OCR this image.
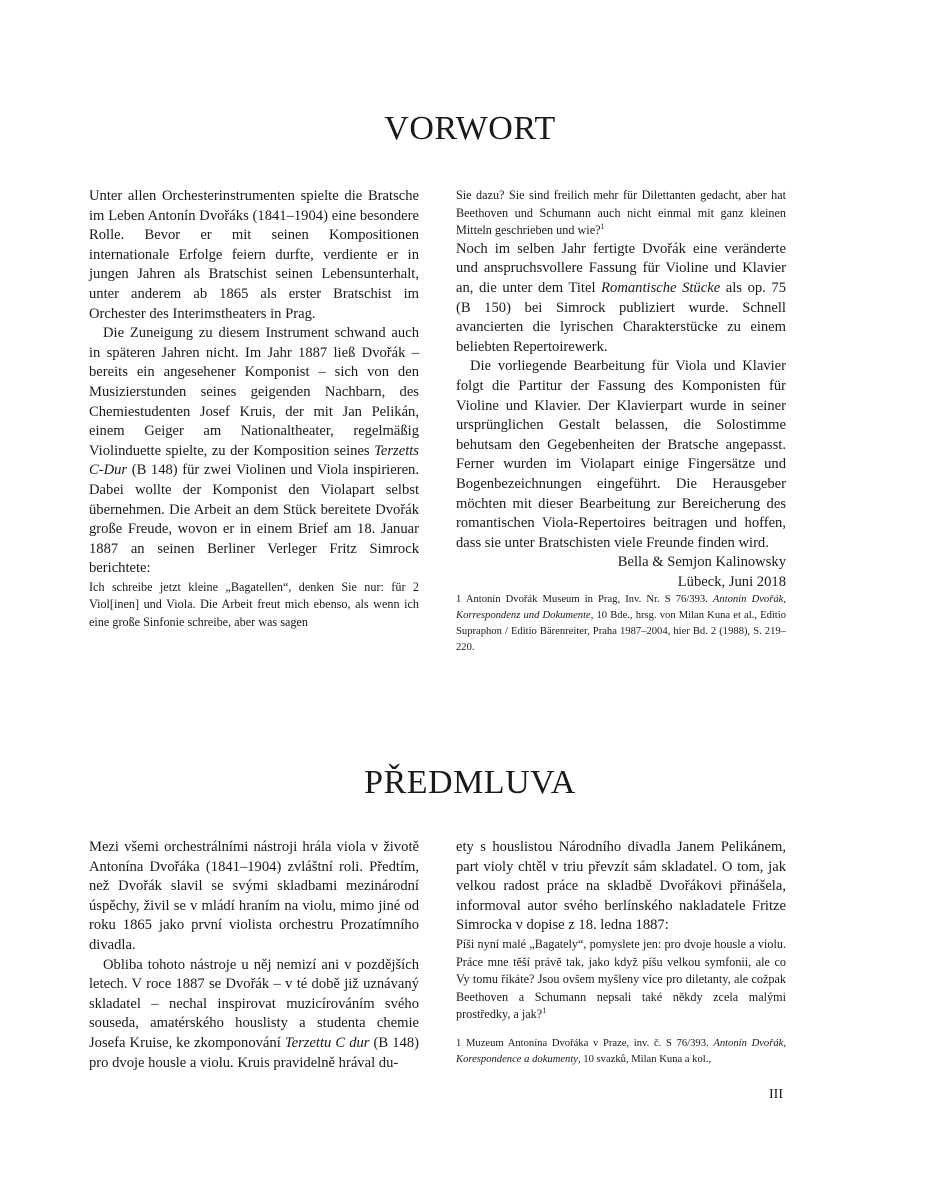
VORWORT

Unter allen Orchesterinstrumenten spielte die Bratsche im Leben Antonín Dvořáks (1841–1904) eine besondere Rolle. Bevor er mit seinen Kompositionen internationale Erfolge feiern durfte, verdiente er in jungen Jahren als Bratschist seinen Lebensunterhalt, unter anderem ab 1865 als erster Bratschist im Orchester des Interimstheaters in Prag.

Die Zuneigung zu diesem Instrument schwand auch in späteren Jahren nicht. Im Jahr 1887 ließ Dvořák – bereits ein angesehener Komponist – sich von den Musizierstunden seines geigenden Nachbarn, des Chemiestudenten Josef Kruis, der mit Jan Pelikán, einem Geiger am Nationaltheater, regelmäßig Violinduette spielte, zu der Komposition seines Terzetts C-Dur (B 148) für zwei Violinen und Viola inspirieren. Dabei wollte der Komponist den Violapart selbst übernehmen. Die Arbeit an dem Stück bereitete Dvořák große Freude, wovon er in einem Brief am 18. Januar 1887 an seinen Berliner Verleger Fritz Simrock berichtete:

Ich schreibe jetzt kleine „Bagatellen“, denken Sie nur: für 2 Viol[inen] und Viola. Die Arbeit freut mich ebenso, als wenn ich eine große Sinfonie schreibe, aber was sagen

Sie dazu? Sie sind freilich mehr für Dilettanten gedacht, aber hat Beethoven und Schumann auch nicht einmal mit ganz kleinen Mitteln geschrieben und wie?$^1$

Noch im selben Jahr fertigte Dvořák eine veränderte und anspruchsvollere Fassung für Violine und Klavier an, die unter dem Titel Romantische Stücke als op. 75 (B 150) bei Simrock publiziert wurde. Schnell avancierten die lyrischen Charakterstücke zu einem beliebten Repertoirewerk.

Die vorliegende Bearbeitung für Viola und Klavier folgt die Partitur der Fassung des Komponisten für Violine und Klavier. Der Klavierpart wurde in seiner ursprünglichen Gestalt belassen, die Solostimme behutsam den Gegebenheiten der Bratsche angepasst. Ferner wurden im Violapart einige Fingersätze und Bogenbezeichnungen eingeführt. Die Herausgeber möchten mit dieser Bearbeitung zur Bereicherung des romantischen Viola-Repertoires beitragen und hoffen, dass sie unter Bratschisten viele Freunde finden wird.

Bella & Semjon Kalinowsky
Lübeck, Juni 2018

1 Antonín Dvořák Museum in Prag, Inv. Nr. S 76/393. Antonín Dvořák, Korrespondenz und Dokumente, 10 Bde., hrsg. von Milan Kuna et al., Editio Supraphon / Editio Bärenreiter, Praha 1987–2004, hier Bd. 2 (1988), S. 219–220.

PŘEDMLUVA

Mezi všemi orchestrálními nástroji hrála viola v životě Antonína Dvořáka (1841–1904) zvláštní roli. Předtím, než Dvořák slavil se svými skladbami mezinárodní úspěchy, živil se v mládí hraním na violu, mimo jiné od roku 1865 jako první violista orchestru Prozatímního divadla.

Obliba tohoto nástroje u něj nemizí ani v pozdějších letech. V roce 1887 se Dvořák – v té době již uznávaný skladatel – nechal inspirovat muzicírováním svého souseda, amatérského houslisty a studenta chemie Josefa Kruise, ke zkomponování Terzettu C dur (B 148) pro dvoje housle a violu. Kruis pravidelně hrával du-

ety s houslistou Národního divadla Janem Pelikánem, part violy chtěl v triu převzít sám skladatel. O tom, jak velkou radost práce na skladbě Dvořákovi přinášela, informoval autor svého berlínského nakladatele Fritze Simrocka v dopise z 18. ledna 1887:

Píši nyní malé „Bagately“, pomyslete jen: pro dvoje housle a violu. Práce mne těší právě tak, jako když píšu velkou symfonii, ale co Vy tomu říkáte? Jsou ovšem myšleny více pro diletanty, ale cožpak Beethoven a Schumann nepsali také někdy zcela malými prostředky, a jak?$^1$

1 Muzeum Antonína Dvořáka v Praze, inv. č. S 76/393. Antonín Dvořák, Korespondence a dokumenty, 10 svazků, Milan Kuna a kol.,

III
